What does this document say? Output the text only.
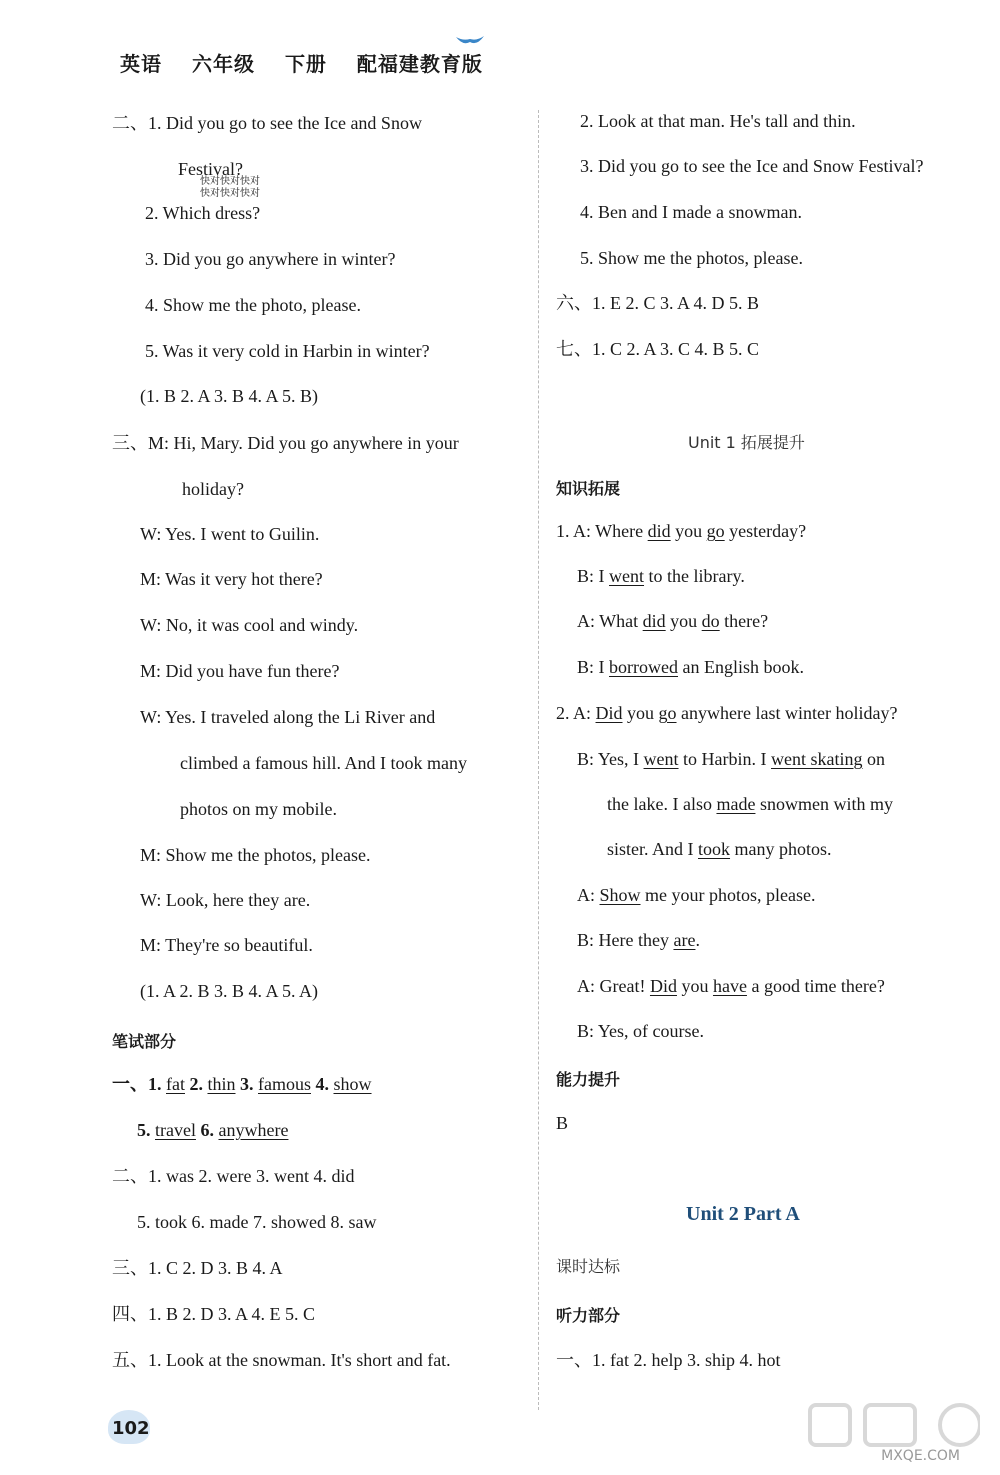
英语 六年级 下册 配福建教育版
二、1. Did you go to see the Ice and Snow
Festival?
2. Which dress?
3. Did you go anywhere in winter?
4. Show me the photo, please.
5. Was it very cold in Harbin in winter?
(1. B 2. A 3. B 4. A 5. B)
三、M: Hi, Mary. Did you go anywhere in your
holiday?
W: Yes. I went to Guilin.
M: Was it very hot there?
W: No, it was cool and windy.
M: Did you have fun there?
W: Yes. I traveled along the Li River and
climbed a famous hill. And I took many
photos on my mobile.
M: Show me the photos, please.
W: Look, here they are.
M: They're so beautiful.
(1. A 2. B 3. B 4. A 5. A)
二、1. was 2. were 3. went 4. did
5. took 6. made 7. showed 8. saw
三、1. C 2. D 3. B 4. A
四、1. B 2. D 3. A 4. E 5. C
五、1. Look at the snowman. It's short and fat.
快对快对快对
快对快对快对
笔试部分
一、1. fat 2. thin 3. famous 4. show
5. travel 6. anywhere
2. Look at that man. He's tall and thin.
3. Did you go to see the Ice and Snow Festival?
4. Ben and I made a snowman.
5. Show me the photos, please.
六、1. E 2. C 3. A 4. D 5. B
七、1. C 2. A 3. C 4. B 5. C
B
Unit 1 拓展提升
知识拓展
1. A: Where did you go yesterday?
B: I went to the library.
A: What did you do there?
B: I borrowed an English book.
2. A: Did you go anywhere last winter holiday?
B: Yes, I went to Harbin. I went skating on
the lake. I also made snowmen with my
sister. And I took many photos.
A: Show me your photos, please.
B: Here they are.
A: Great! Did you have a good time there?
B: Yes, of course.
能力提升
Unit 2 Part A
课时达标
听力部分
一、1. fat 2. help 3. ship 4. hot
102
MXQE.COM
